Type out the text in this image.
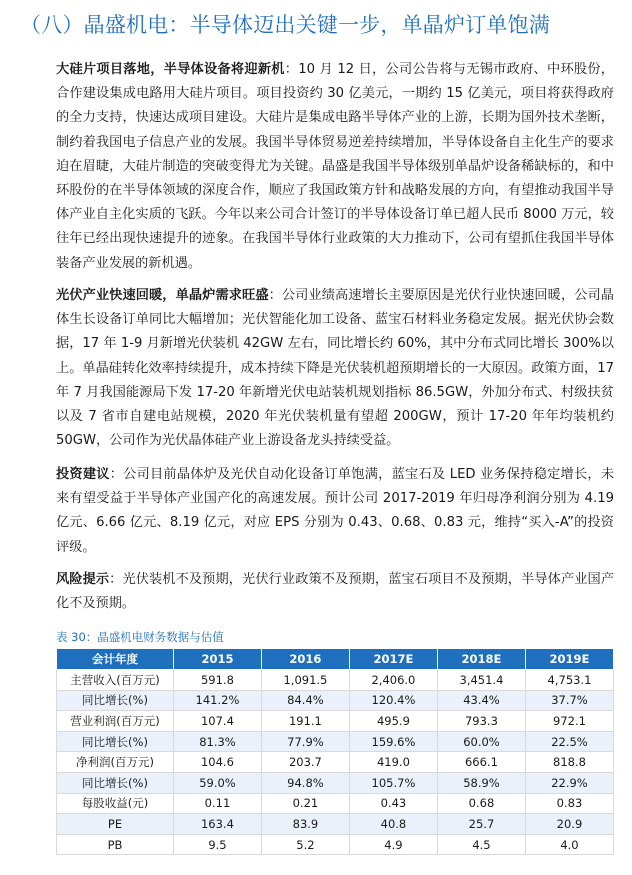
（八）晶盛机电：半导体迈出关键一步，单晶炉订单饱满
大硅片项目落地，半导体设备将迎新机：10 月 12 日，公司公告将与无锡市政府、中环股份，合作建设集成电路用大硅片项目。项目投资约 30 亿美元，一期约 15 亿美元，项目将获得政府的全力支持，快速达成项目建设。大硅片是集成电路半导体产业的上游，长期为国外技术垄断，制约着我国电子信息产业的发展。我国半导体贸易逆差持续增加，半导体设备自主化生产的要求迫在眉睫，大硅片制造的突破变得尤为关键。晶盛是我国半导体级别单晶炉设备稀缺标的，和中环股份的在半导体领域的深度合作，顺应了我国政策方针和战略发展的方向，有望推动我国半导体产业自主化实质的飞跃。今年以来公司合计签订的半导体设备订单已超人民币 8000 万元，较往年已经出现快速提升的迹象。在我国半导体行业政策的大力推动下，公司有望抓住我国半导体装备产业发展的新机遇。
光伏产业快速回暖，单晶炉需求旺盛：公司业绩高速增长主要原因是光伏行业快速回暖，公司晶体生长设备订单同比大幅增加；光伏智能化加工设备、蓝宝石材料业务稳定发展。据光伏协会数据，17 年 1-9 月新增光伏装机 42GW 左右，同比增长约 60%，其中分布式同比增长 300%以上。单晶硅转化效率持续提升，成本持续下降是光伏装机超预期增长的一大原因。政策方面，17 年 7 月我国能源局下发 17-20 年新增光伏电站装机规划指标 86.5GW，外加分布式、村级扶贫以及 7 省市自建电站规模，2020 年光伏装机量有望超 200GW，预计 17-20 年年均装机约 50GW，公司作为光伏晶体硅产业上游设备龙头持续受益。
投资建议：公司目前晶体炉及光伏自动化设备订单饱满，蓝宝石及 LED 业务保持稳定增长，未来有望受益于半导体产业国产化的高速发展。预计公司 2017-2019 年归母净利润分别为 4.19 亿元、6.66 亿元、8.19 亿元，对应 EPS 分别为 0.43、0.68、0.83 元，维持“买入-A”的投资评级。
风险提示：光伏装机不及预期，光伏行业政策不及预期，蓝宝石项目不及预期，半导体产业国产化不及预期。
表 30：晶盛机电财务数据与估值
会计年度	2015	2016	2017E	2018E	2019E
主营收入(百万元)	591.8	1,091.5	2,406.0	3,451.4	4,753.1
同比增长(%)	141.2%	84.4%	120.4%	43.4%	37.7%
营业利润(百万元)	107.4	191.1	495.9	793.3	972.1
同比增长(%)	81.3%	77.9%	159.6%	60.0%	22.5%
净利润(百万元)	104.6	203.7	419.0	666.1	818.8
同比增长(%)	59.0%	94.8%	105.7%	58.9%	22.9%
每股收益(元)	0.11	0.21	0.43	0.68	0.83
PE	163.4	83.9	40.8	25.7	20.9
PB	9.5	5.2	4.9	4.5	4.0
